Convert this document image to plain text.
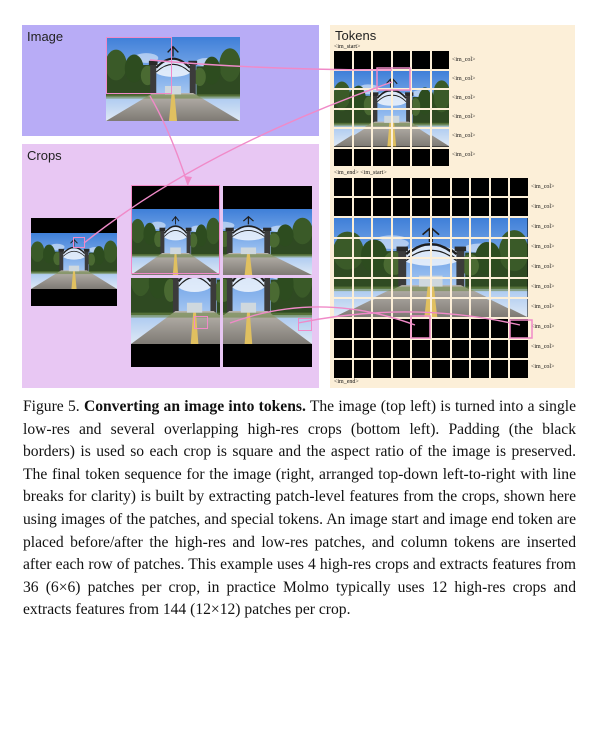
Image
Crops
Tokens
<im_start>
<im_col>
<im_col>
<im_col>
<im_col>
<im_col>
<im_col>
<im_end> <im_start>
<im_col>
<im_col>
<im_col>
<im_col>
<im_col>
<im_col>
<im_col>
<im_col>
<im_col>
<im_col>
<im_end>
Figure 5. Converting an image into tokens. The image (top left) is turned into a single low-res and several overlapping high-res crops (bottom left). Padding (the black borders) is used so each crop is square and the aspect ratio of the image is preserved. The final token sequence for the image (right, arranged top-down left-to-right with line breaks for clarity) is built by extracting patch-level features from the crops, shown here using images of the patches, and special tokens. An image start and image end token are placed before/after the high-res and low-res patches, and column tokens are inserted after each row of patches. This example uses 4 high-res crops and extracts features from 36 (6×6) patches per crop, in practice Molmo typically uses 12 high-res crops and extracts features from 144 (12×12) patches per crop.
